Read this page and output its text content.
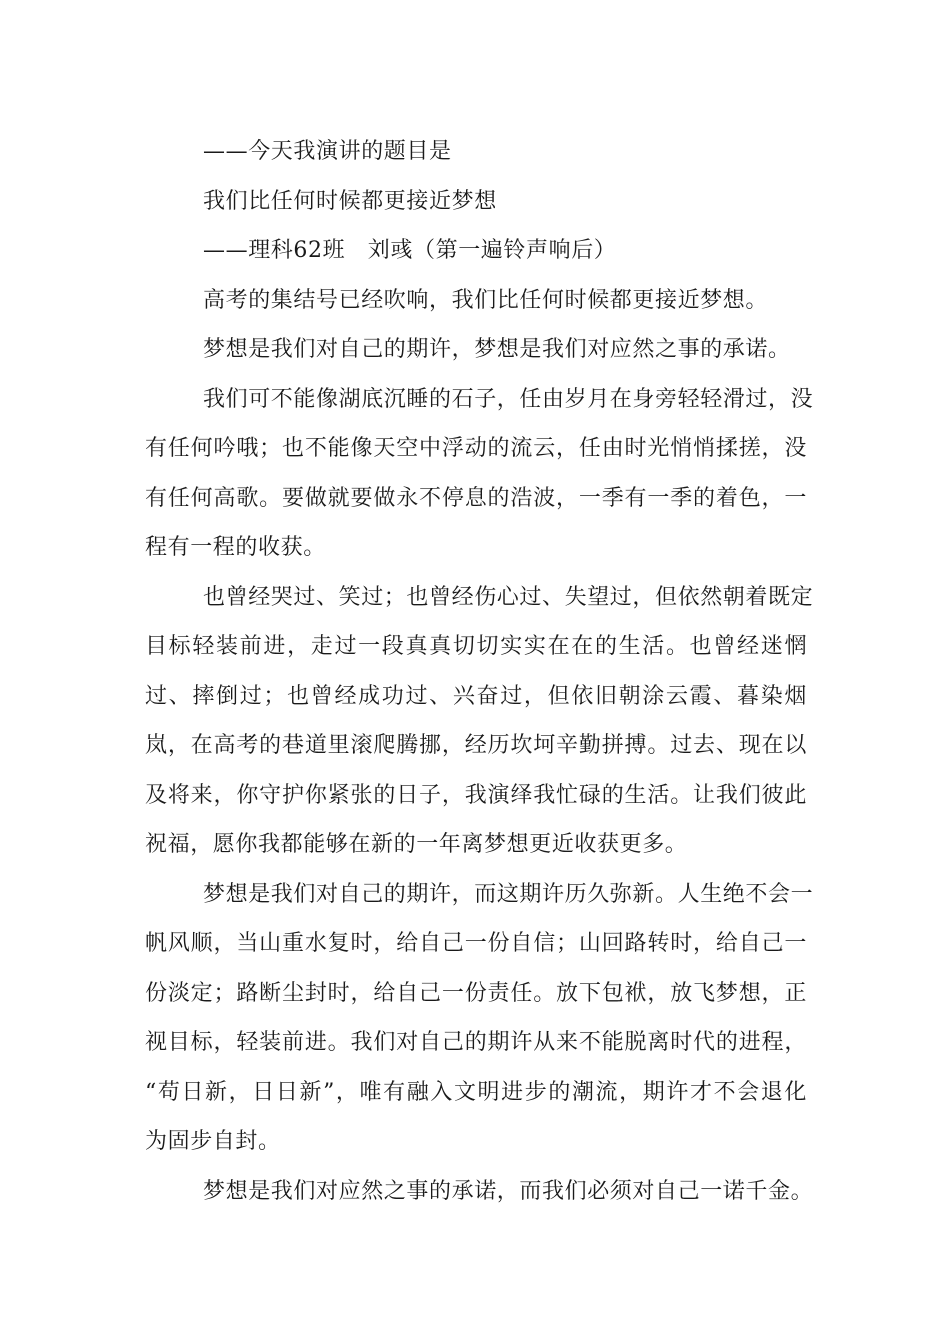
——今天我演讲的题目是
我们比任何时候都更接近梦想
——理科62班　刘彧（第一遍铃声响后）
高考的集结号已经吹响，我们比任何时候都更接近梦想。
梦想是我们对自己的期许，梦想是我们对应然之事的承诺。
我们可不能像湖底沉睡的石子，任由岁月在身旁轻轻滑过，没
有任何吟哦；也不能像天空中浮动的流云，任由时光悄悄揉搓，没
有任何高歌。要做就要做永不停息的浩波，一季有一季的着色，一
程有一程的收获。
也曾经哭过、笑过；也曾经伤心过、失望过，但依然朝着既定
目标轻装前进，走过一段真真切切实实在在的生活。也曾经迷惘
过、摔倒过；也曾经成功过、兴奋过，但依旧朝涂云霞、暮染烟
岚，在高考的巷道里滚爬腾挪，经历坎坷辛勤拼搏。过去、现在以
及将来，你守护你紧张的日子，我演绎我忙碌的生活。让我们彼此
祝福，愿你我都能够在新的一年离梦想更近收获更多。
梦想是我们对自己的期许，而这期许历久弥新。人生绝不会一
帆风顺，当山重水复时，给自己一份自信；山回路转时，给自己一
份淡定；路断尘封时，给自己一份责任。放下包袱，放飞梦想，正
视目标，轻装前进。我们对自己的期许从来不能脱离时代的进程，
“苟日新，日日新”，唯有融入文明进步的潮流，期许才不会退化
为固步自封。
梦想是我们对应然之事的承诺，而我们必须对自己一诺千金。
